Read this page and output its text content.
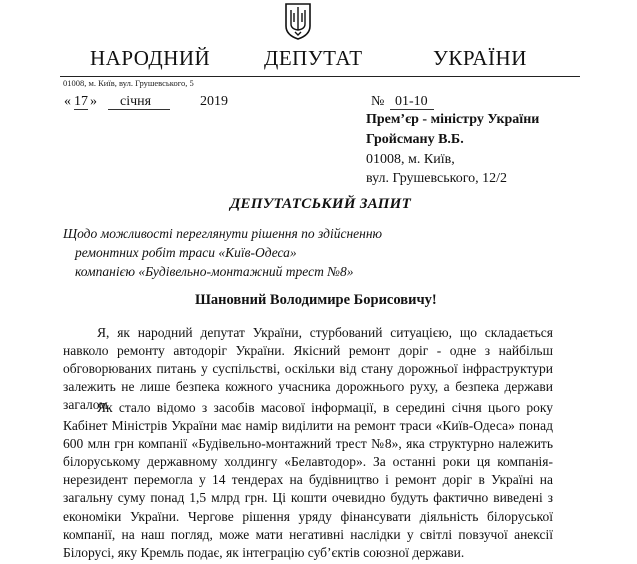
НАРОДНИЙ	ДЕПУТАТ	УКРАЇНИ
01008, м. Київ, вул. Грушевського, 5
« 17 » січня	2019	№ 01-10
Прем’єр - міністру України
Гройсману В.Б.
01008, м. Київ,
вул. Грушевського, 12/2
ДЕПУТАТСЬКИЙ ЗАПИТ
Щодо можливості переглянути рішення по здійсненню
ремонтних робіт траси «Київ-Одеса»
компанією «Будівельно-монтажний трест №8»
Шановний Володимире Борисовичу!

Я, як народний депутат України, стурбований ситуацією, що складається навколо ремонту автодоріг України. Якісний ремонт доріг - одне з найбільш обговорюваних питань у суспільстві, оскільки від стану дорожньої інфраструктури залежить не лише безпека кожного учасника дорожнього руху, а безпека держави загалом.

Як стало відомо з засобів масової інформації, в середині січня цього року Кабінет Міністрів України має намір виділити на ремонт траси «Київ-Одеса» понад 600 млн грн компанії «Будівельно-монтажний трест №8», яка структурно належить білоруському державному холдингу «Белавтодор». За останні роки ця компанія-нерезидент перемогла у 14 тендерах на будівництво і ремонт доріг в Україні на загальну суму понад 1,5 млрд грн. Ці кошти очевидно будуть фактично виведені з економіки України. Чергове рішення уряду фінансувати діяльність білоруської компанії, на наш погляд, може мати негативні наслідки у світлі повзучої анексії Білорусі, яку Кремль подає, як інтеграцію суб’єктів союзної держави.
